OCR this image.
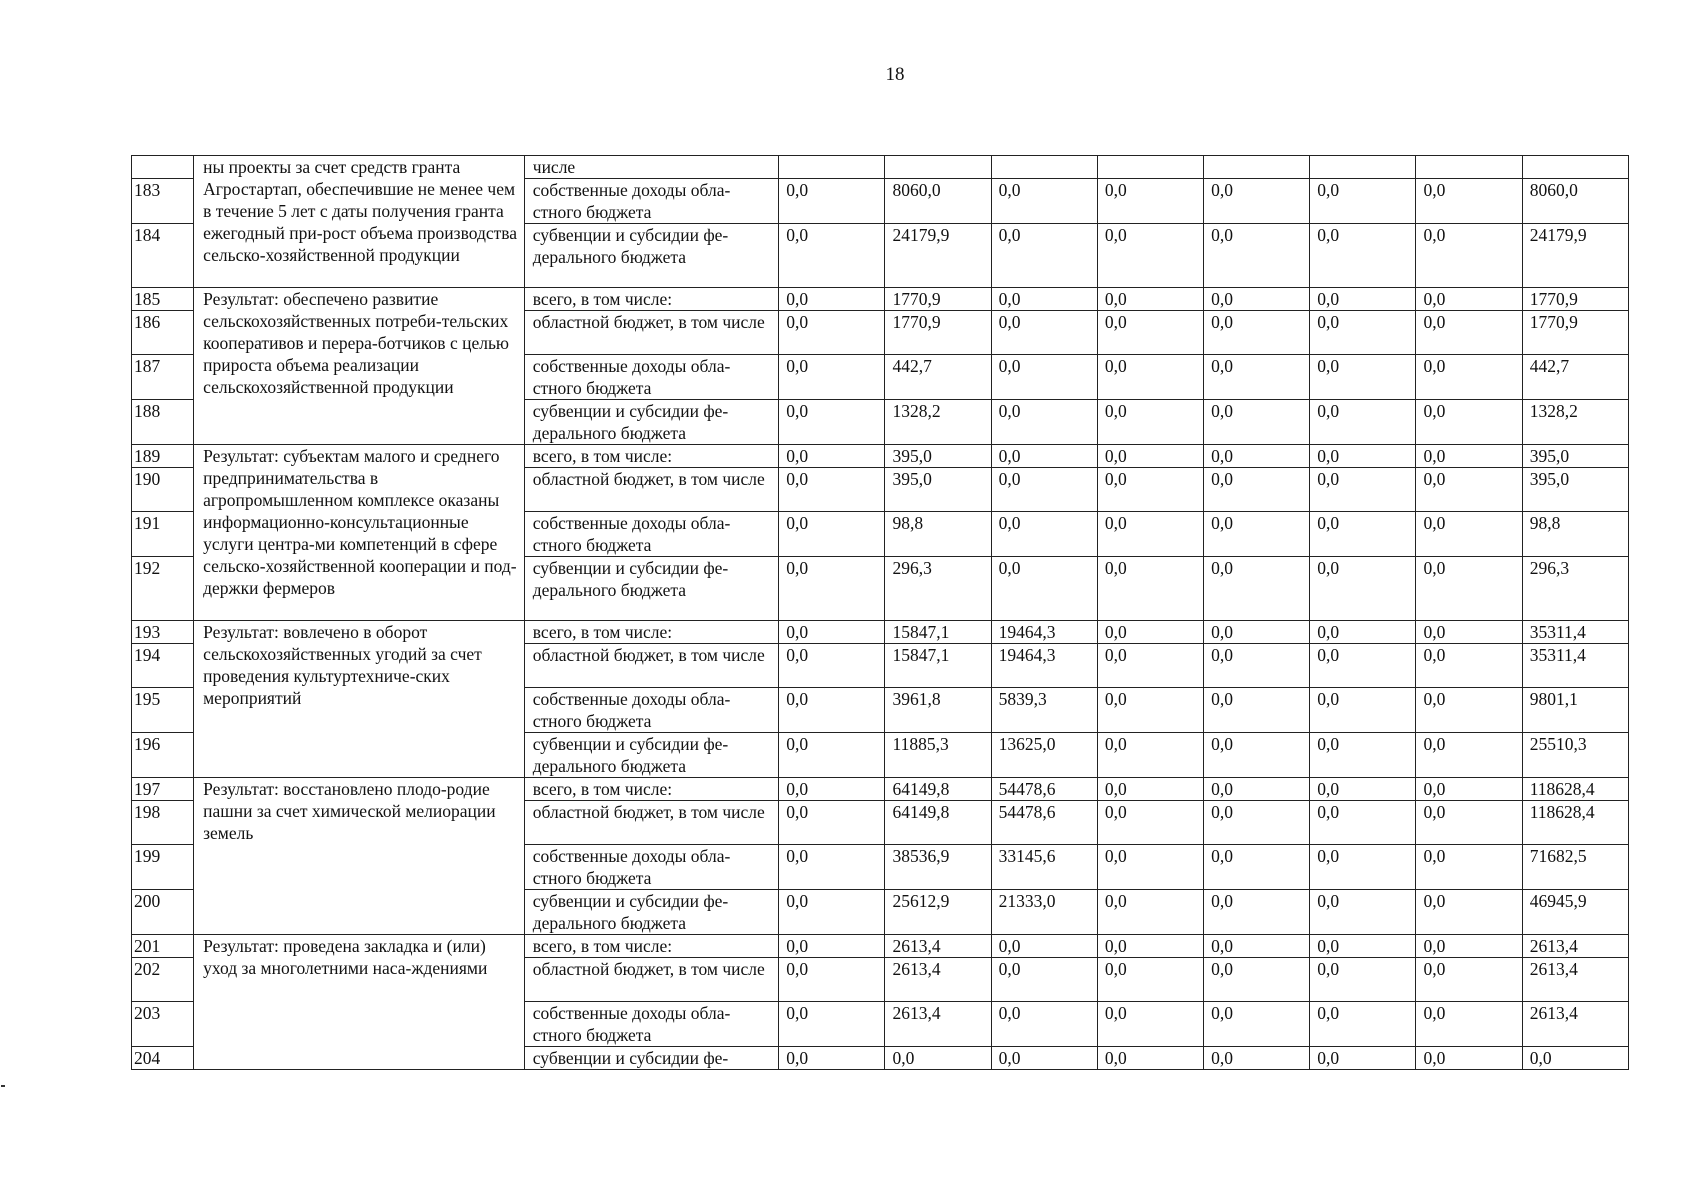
18
	ны проекты за счет средств гранта Агростартап, обеспечившие не менее чем в течение 5 лет с даты получения гранта ежегодный при-рост объема производства сельско-хозяйственной продукции	числе								
183		собственные доходы обла-стного бюджета	0,0	8060,0	0,0	0,0	0,0	0,0	0,0	8060,0
184		субвенции и субсидии фе-дерального бюджета	0,0	24179,9	0,0	0,0	0,0	0,0	0,0	24179,9
185	Результат: обеспечено развитие сельскохозяйственных потреби-тельских кооперативов и перера-ботчиков с целью прироста объема реализации сельскохозяйственной продукции	всего, в том числе:	0,0	1770,9	0,0	0,0	0,0	0,0	0,0	1770,9
186		областной бюджет, в том числе	0,0	1770,9	0,0	0,0	0,0	0,0	0,0	1770,9
187		собственные доходы обла-стного бюджета	0,0	442,7	0,0	0,0	0,0	0,0	0,0	442,7
188		субвенции и субсидии фе-дерального бюджета	0,0	1328,2	0,0	0,0	0,0	0,0	0,0	1328,2
189	Результат: субъектам малого и среднего предпринимательства в агропромышленном комплексе оказаны информационно-консультационные услуги центра-ми компетенций в сфере сельско-хозяйственной кооперации и под-держки фермеров	всего, в том числе:	0,0	395,0	0,0	0,0	0,0	0,0	0,0	395,0
190		областной бюджет, в том числе	0,0	395,0	0,0	0,0	0,0	0,0	0,0	395,0
191		собственные доходы обла-стного бюджета	0,0	98,8	0,0	0,0	0,0	0,0	0,0	98,8
192		субвенции и субсидии фе-дерального бюджета	0,0	296,3	0,0	0,0	0,0	0,0	0,0	296,3
193	Результат: вовлечено в оборот сельскохозяйственных угодий за счет проведения культуртехниче-ских мероприятий	всего, в том числе:	0,0	15847,1	19464,3	0,0	0,0	0,0	0,0	35311,4
194		областной бюджет, в том числе	0,0	15847,1	19464,3	0,0	0,0	0,0	0,0	35311,4
195		собственные доходы обла-стного бюджета	0,0	3961,8	5839,3	0,0	0,0	0,0	0,0	9801,1
196		субвенции и субсидии фе-дерального бюджета	0,0	11885,3	13625,0	0,0	0,0	0,0	0,0	25510,3
197	Результат: восстановлено плодо-родие пашни за счет химической мелиорации земель	всего, в том числе:	0,0	64149,8	54478,6	0,0	0,0	0,0	0,0	118628,4
198		областной бюджет, в том числе	0,0	64149,8	54478,6	0,0	0,0	0,0	0,0	118628,4
199		собственные доходы обла-стного бюджета	0,0	38536,9	33145,6	0,0	0,0	0,0	0,0	71682,5
200		субвенции и субсидии фе-дерального бюджета	0,0	25612,9	21333,0	0,0	0,0	0,0	0,0	46945,9
201	Результат: проведена закладка и (или) уход за многолетними наса-ждениями	всего, в том числе:	0,0	2613,4	0,0	0,0	0,0	0,0	0,0	2613,4
202		областной бюджет, в том числе	0,0	2613,4	0,0	0,0	0,0	0,0	0,0	2613,4
203		собственные доходы обла-стного бюджета	0,0	2613,4	0,0	0,0	0,0	0,0	0,0	2613,4
204		субвенции и субсидии фе-	0,0	0,0	0,0	0,0	0,0	0,0	0,0	0,0
